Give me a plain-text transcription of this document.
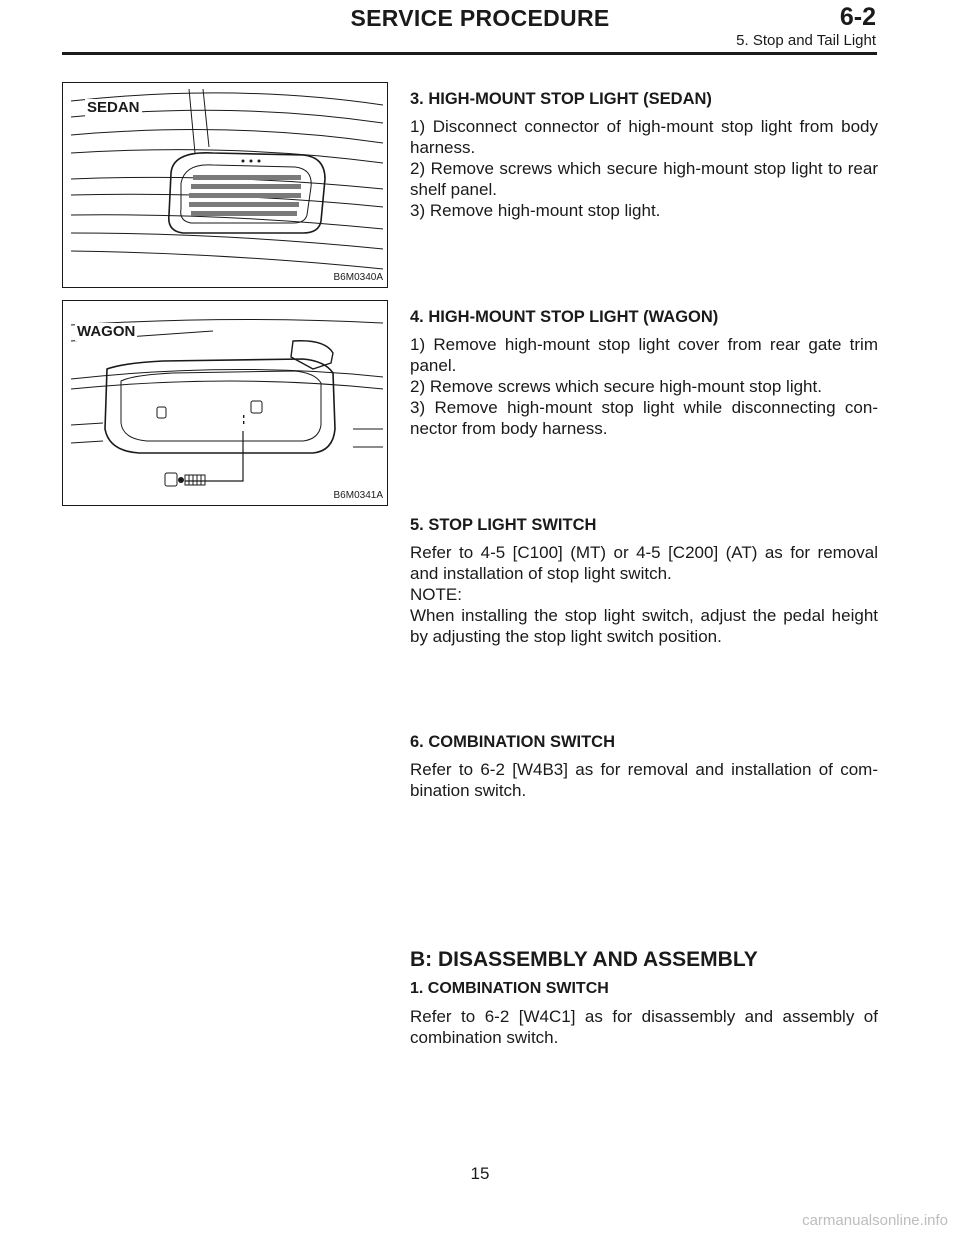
SERVICE PROCEDURE	6-2
5. Stop and Tail Light
SEDAN
B6M0340A
WAGON
B6M0341A
3. HIGH-MOUNT STOP LIGHT (SEDAN)

1) Disconnect connector of high-mount stop light from body harness.

2) Remove screws which secure high-mount stop light to rear shelf panel.

3) Remove high-mount stop light.

4. HIGH-MOUNT STOP LIGHT (WAGON)

1) Remove high-mount stop light cover from rear gate trim panel.

2) Remove screws which secure high-mount stop light.

3) Remove high-mount stop light while disconnecting con- nector from body harness.

5. STOP LIGHT SWITCH

Refer to 4-5 [C100] (MT) or 4-5 [C200] (AT) as for removal and installation of stop light switch.

NOTE:

When installing the stop light switch, adjust the pedal height by adjusting the stop light switch position.

6. COMBINATION SWITCH

Refer to 6-2 [W4B3] as for removal and installation of com- bination switch.

B: DISASSEMBLY AND ASSEMBLY
1. COMBINATION SWITCH

Refer to 6-2 [W4C1] as for disassembly and assembly of combination switch.

15
carmanualsonline.info
